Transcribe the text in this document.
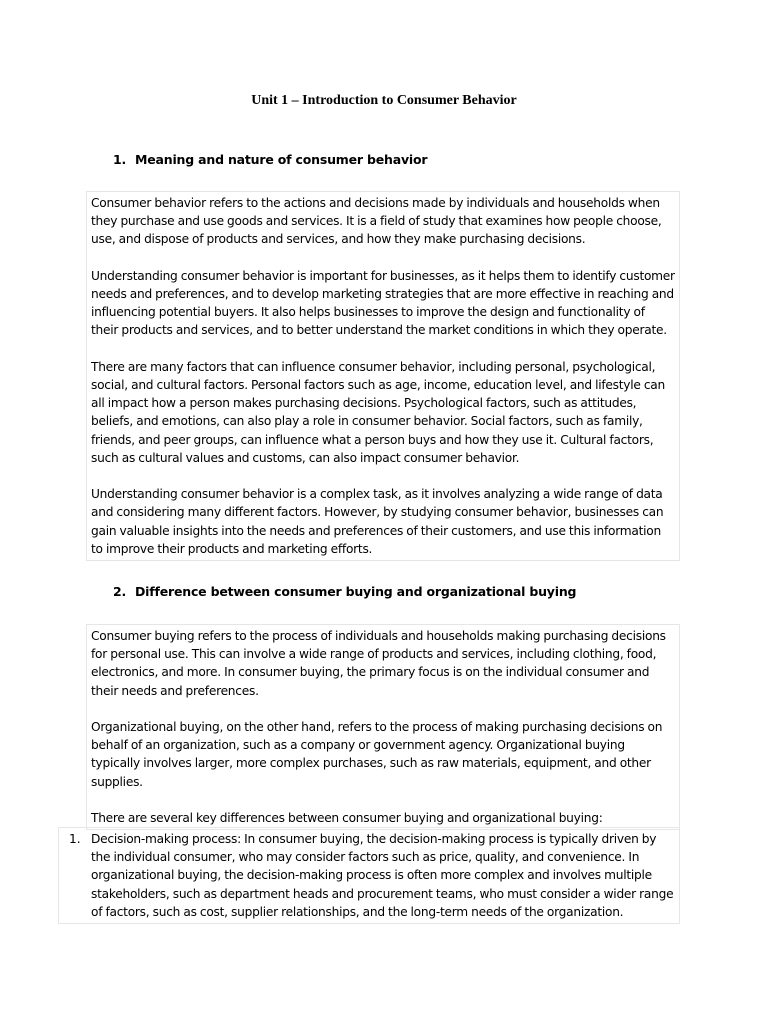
Unit 1 – Introduction to Consumer Behavior
1. Meaning and nature of consumer behavior

Consumer behavior refers to the actions and decisions made by individuals and households when they purchase and use goods and services. It is a field of study that examines how people choose, use, and dispose of products and services, and how they make purchasing decisions.

Understanding consumer behavior is important for businesses, as it helps them to identify customer needs and preferences, and to develop marketing strategies that are more effective in reaching and influencing potential buyers. It also helps businesses to improve the design and functionality of their products and services, and to better understand the market conditions in which they operate.

There are many factors that can influence consumer behavior, including personal, psychological, social, and cultural factors. Personal factors such as age, income, education level, and lifestyle can all impact how a person makes purchasing decisions. Psychological factors, such as attitudes, beliefs, and emotions, can also play a role in consumer behavior. Social factors, such as family, friends, and peer groups, can influence what a person buys and how they use it. Cultural factors, such as cultural values and customs, can also impact consumer behavior.

Understanding consumer behavior is a complex task, as it involves analyzing a wide range of data and considering many different factors. However, by studying consumer behavior, businesses can gain valuable insights into the needs and preferences of their customers, and use this information to improve their products and marketing efforts.

2. Difference between consumer buying and organizational buying

Consumer buying refers to the process of individuals and households making purchasing decisions for personal use. This can involve a wide range of products and services, including clothing, food, electronics, and more. In consumer buying, the primary focus is on the individual consumer and their needs and preferences.

Organizational buying, on the other hand, refers to the process of making purchasing decisions on behalf of an organization, such as a company or government agency. Organizational buying typically involves larger, more complex purchases, such as raw materials, equipment, and other supplies.

There are several key differences between consumer buying and organizational buying:

1. Decision-making process: In consumer buying, the decision-making process is typically driven by the individual consumer, who may consider factors such as price, quality, and convenience. In organizational buying, the decision-making process is often more complex and involves multiple stakeholders, such as department heads and procurement teams, who must consider a wider range of factors, such as cost, supplier relationships, and the long-term needs of the organization.
